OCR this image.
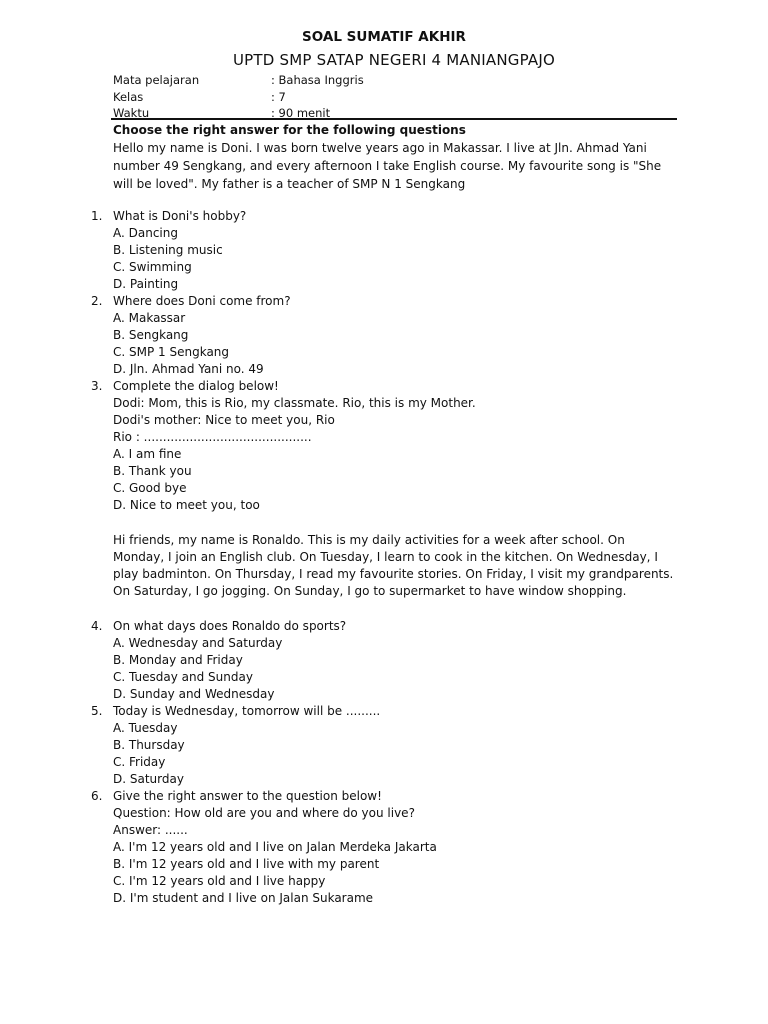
SOAL SUMATIF AKHIR
UPTD SMP SATAP NEGERI 4 MANIANGPAJO
Mata pelajaran	: Bahasa Inggris
Kelas	: 7
Waktu	: 90 menit
Choose the right answer for the following questions

Hello my name is Doni. I was born twelve years ago in Makassar. I live at Jln. Ahmad Yani

number 49 Sengkang, and every afternoon I take English course. My favourite song is "She

will be loved". My father is a teacher of SMP N 1 Sengkang

1. What is Doni's hobby?
A. Dancing
B. Listening music
C. Swimming
D. Painting
2. Where does Doni come from?
A. Makassar
B. Sengkang
C. SMP 1 Sengkang
D. Jln. Ahmad Yani no. 49
3. Complete the dialog below!
Dodi: Mom, this is Rio, my classmate. Rio, this is my Mother.
Dodi's mother: Nice to meet you, Rio
Rio : ............................................
A. I am fine
B. Thank you
C. Good bye
D. Nice to meet you, too

Hi friends, my name is Ronaldo. This is my daily activities for a week after school. On

Monday, I join an English club. On Tuesday, I learn to cook in the kitchen. On Wednesday, I

play badminton. On Thursday, I read my favourite stories. On Friday, I visit my grandparents.

On Saturday, I go jogging. On Sunday, I go to supermarket to have window shopping.

4. On what days does Ronaldo do sports?
A. Wednesday and Saturday
B. Monday and Friday
C. Tuesday and Sunday
D. Sunday and Wednesday
5. Today is Wednesday, tomorrow will be .........
A. Tuesday
B. Thursday
C. Friday
D. Saturday
6. Give the right answer to the question below!
Question: How old are you and where do you live?
Answer: ......
A. I'm 12 years old and I live on Jalan Merdeka Jakarta
B. I'm 12 years old and I live with my parent
C. I'm 12 years old and I live happy
D. I'm student and I live on Jalan Sukarame
